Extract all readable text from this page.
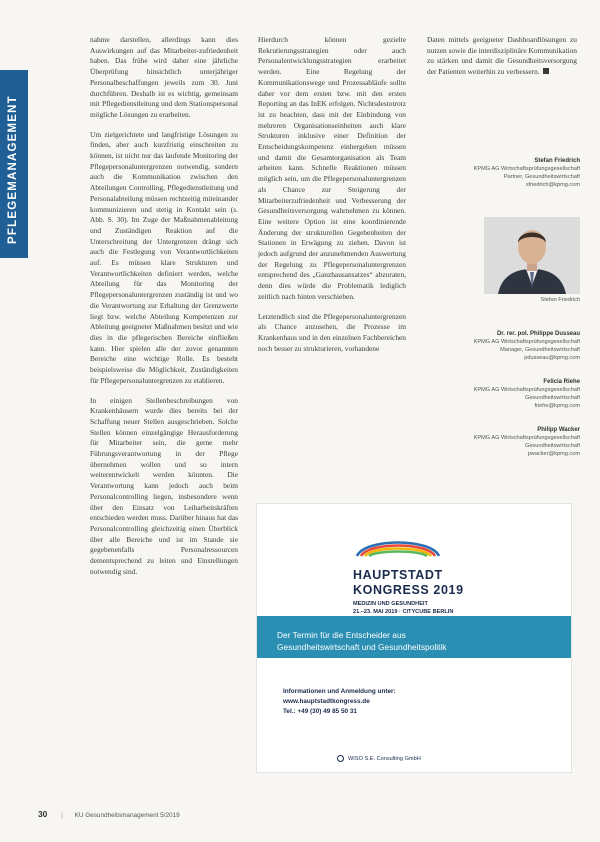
PFLEGEMANAGEMENT

nahme darstellen, allerdings kann dies Auswirkungen auf das Mitarbeiter-zufriedenheit haben. Das frühe wird daher eine jährliche Überprüfung hinsichtlich unterjähriger Personalbeschaffungen jeweils zum 30. Juni durchführen. Deshalb ist es wichtig, gemeinsam mit Pflegedienstleitung und dem Stationspersonal mögliche Lösungen zu erarbeiten.

Um zielgerichtete und langfristige Lösungen zu finden, aber auch kurzfristig einschreiten zu können, ist nicht nur das laufende Monitoring der Pflegepersonaluntergrenzen notwendig, sondern auch die Kommunikation zwischen den Abteilungen Controlling, Pflegedienstleitung und Personalabteilung müssen rechtzeitig miteinander kommunizieren und stetig in Kontakt sein (s. Abb. S. 30). Im Zuge der Maßnahmenableitung und Zuständigen Reaktion auf die Unterschreitung der Untergrenzen drängt sich auch die Festlegung von Verantwortlichkeiten auf. Es müssen klare Strukturen und Verantwortlichkeiten definiert werden, welche Abteilung für das Monitoring der Pflegepersonaluntergrenzen zuständig ist und wo die Verantwortung zur Erhaltung der Grenzwerte liegt bzw. welche Abteilung Kompetenzen zur Ableitung geeigneter Maßnahmen besitzt und wie dies in die pflegerischen Bereiche einfließen kann. Hier spielen alle der zuvor genannten Bereiche eine wichtige Rolle. Es besteht beispielsweise die Möglichkeit, Zuständigkeiten für Pflegepersonaluntergrenzen zu etablieren.

In einigen Stellenbeschreibungen von Krankenhäusern wurde dies bereits bei der Schaffung neuer Stellen ausgeschrieben. Solche Stellen können einzelgängige Herausforderung für Mitarbeiter sein, die gerne mehr Führungsverantwortung in der Pflege übernehmen wollen und so intern weiterentwickelt werden könnten. Die Verantwortung kann jedoch auch beim Personalcontrolling liegen, insbesondere wenn über den Einsatz von Leiharbeitskräften entschieden werden muss. Darüber hinaus hat das Personalcontrolling gleichzeitig einen Überblick über alle Bereiche und ist im Stande sie gegebenenfalls Personalressourcen dementsprechend zu leiten und Einstellungen notwendig sind.

Hierdurch können gezielte Rekrutierungsstrategien oder auch Personalentwicklungsstrategien erarbeitet werden. Eine Regelung der Kommunikationswege und Prozessabläufe sollte daher vor dem ersten bzw. mit den ersten Reporting an das InEK erfolgen. Nichtsdestotrotz ist zu beachten, dass mit der Einbindung von mehreren Organisationseinheiten auch klare Strukturen inklusive einer Definition der Entscheidungskompetenz einhergehen müssen und damit die Gesamtorganisation als Team arbeiten kann. Schnelle Reaktionen müssen möglich sein, um die Pflegepersonaluntergrenzen als Chance zur Steigerung der Mitarbeiterzufriedenheit und Verbesserung der Gesundheitsversorgung wahrnehmen zu können. Eine weitere Option ist eine koordinierende Änderung der strukturellen Gegebenheiten der Stationen in Erwägung zu ziehen. Davon ist jedoch aufgrund der anzunehmenden Auswertung der Regelung zu Pflegepersonaluntergrenzen entsprechend des „Ganzhausansatzes“ abzuraten, denn dies würde die Problematik lediglich zeitlich nach hinten verschieben.

Letztendlich sind die Pflegepersonaluntergrenzen als Chance anzusehen, die Prozesse im Krankenhaus und in den einzelnen Fachbereichen noch besser zu strukturieren, vorhandene

Daten mittels geeigneter Dashboardlösungen zu nutzen sowie die interdisziplinäre Kommunikation zu stärken und damit die Gesundheitsversorgung der Patienten weiterhin zu verbessern.

Stefan Friedrich
KPMG AG Wirtschaftsprüfungsgesellschaft
Partner, Gesundheitswirtschaft
sfriedrich@kpmg.com
Stefan Friedrich
Dr. rer. pol. Philippe Dusseau
KPMG AG Wirtschaftsprüfungsgesellschaft
Manager, Gesundheitswirtschaft
pdusseau@kpmg.com
Felicia Riehe
KPMG AG Wirtschaftsprüfungsgesellschaft
Gesundheitswirtschaft
friehe@kpmg.com
Philipp Wacker
KPMG AG Wirtschaftsprüfungsgesellschaft
Gesundheitswirtschaft
pwacker@kpmg.com
HAUPTSTADT
KONGRESS 2019
MEDIZIN UND GESUNDHEIT
21.–23. MAI 2019 · CITYCUBE BERLIN
Der Termin für die Entscheider aus
Gesundheitswirtschaft und Gesundheitspolitik
Informationen und Anmeldung unter:
www.hauptstadtkongress.de
Tel.: +49 (30) 49 85 50 31
WISO S.E. Consulting GmbH
30 | KU Gesundheitsmanagement 5/2019
